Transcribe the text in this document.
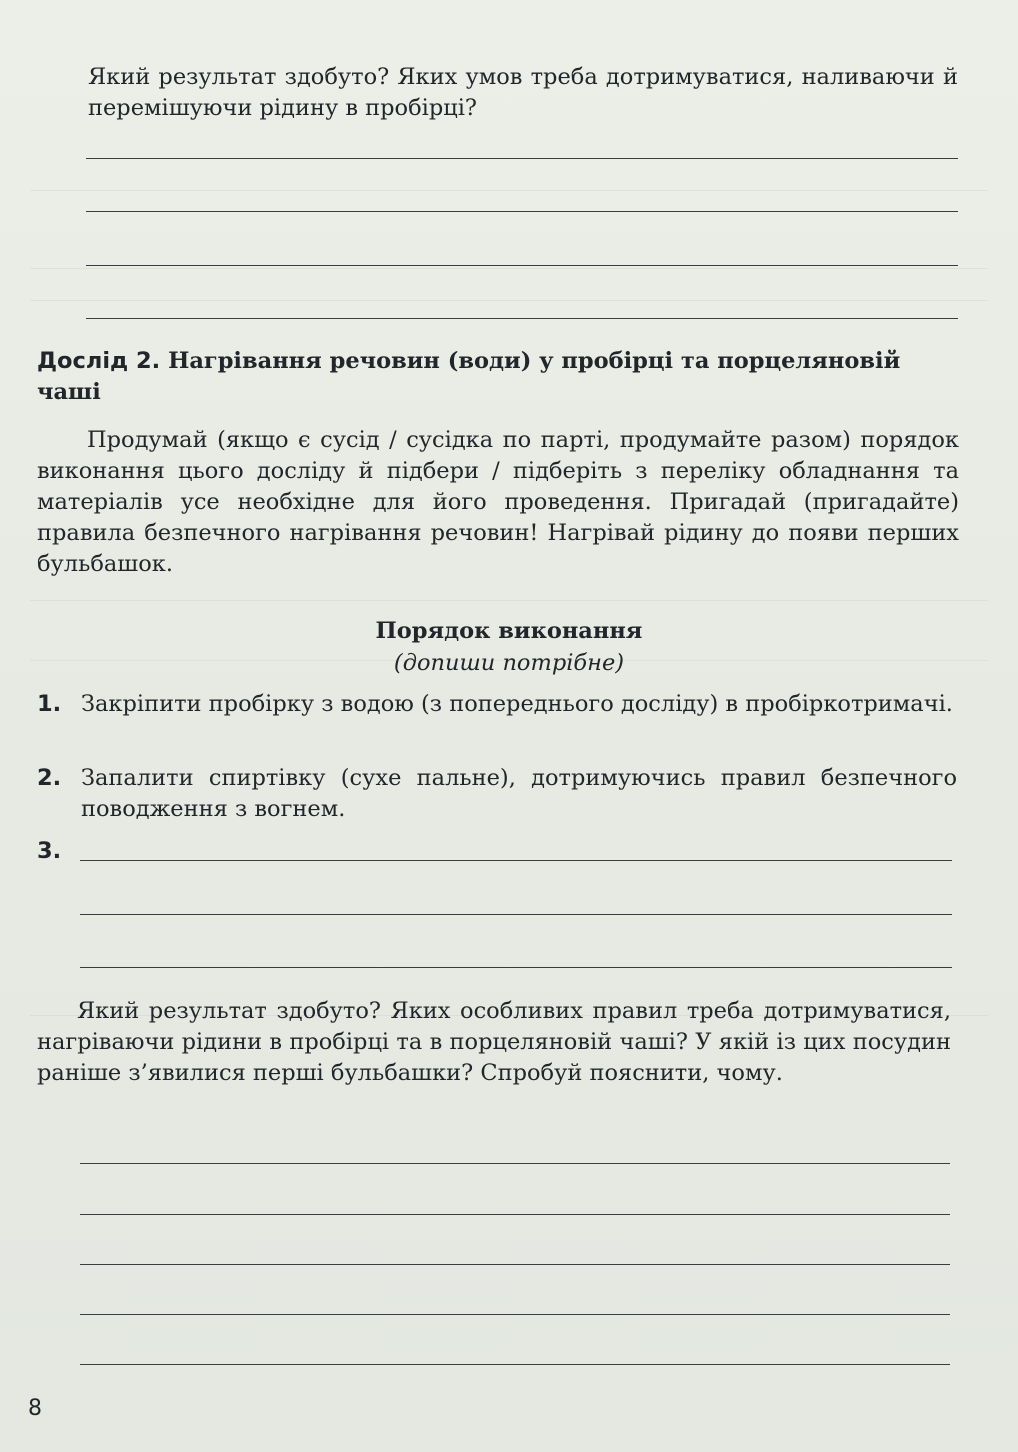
Який результат здобуто? Яких умов треба дотримуватися, наливаючи й перемішуючи рідину в пробірці?

Дослід 2. Нагрівання речовин (води) у пробірці та порцеляновій чаші

Продумай (якщо є сусід / сусідка по парті, продумайте разом) порядок виконання цього досліду й підбери / підберіть з переліку обладнання та матеріалів усе необхідне для його проведення. Пригадай (пригадайте) правила безпечного нагрівання речовин! Нагрівай рідину до появи перших бульбашок.

Порядок виконання
(допиши потрібне)
1. Закріпити пробірку з водою (з попереднього досліду) в пробіркотримачі.
2. Запалити спиртівку (сухе пальне), дотримуючись правил безпечного поводження з вогнем.
3.

Який результат здобуто? Яких особливих правил треба дотримуватися, нагріваючи рідини в пробірці та в порцеляновій чаші? У якій із цих посудин раніше з’явилися перші бульбашки? Спробуй пояснити, чому.

8
